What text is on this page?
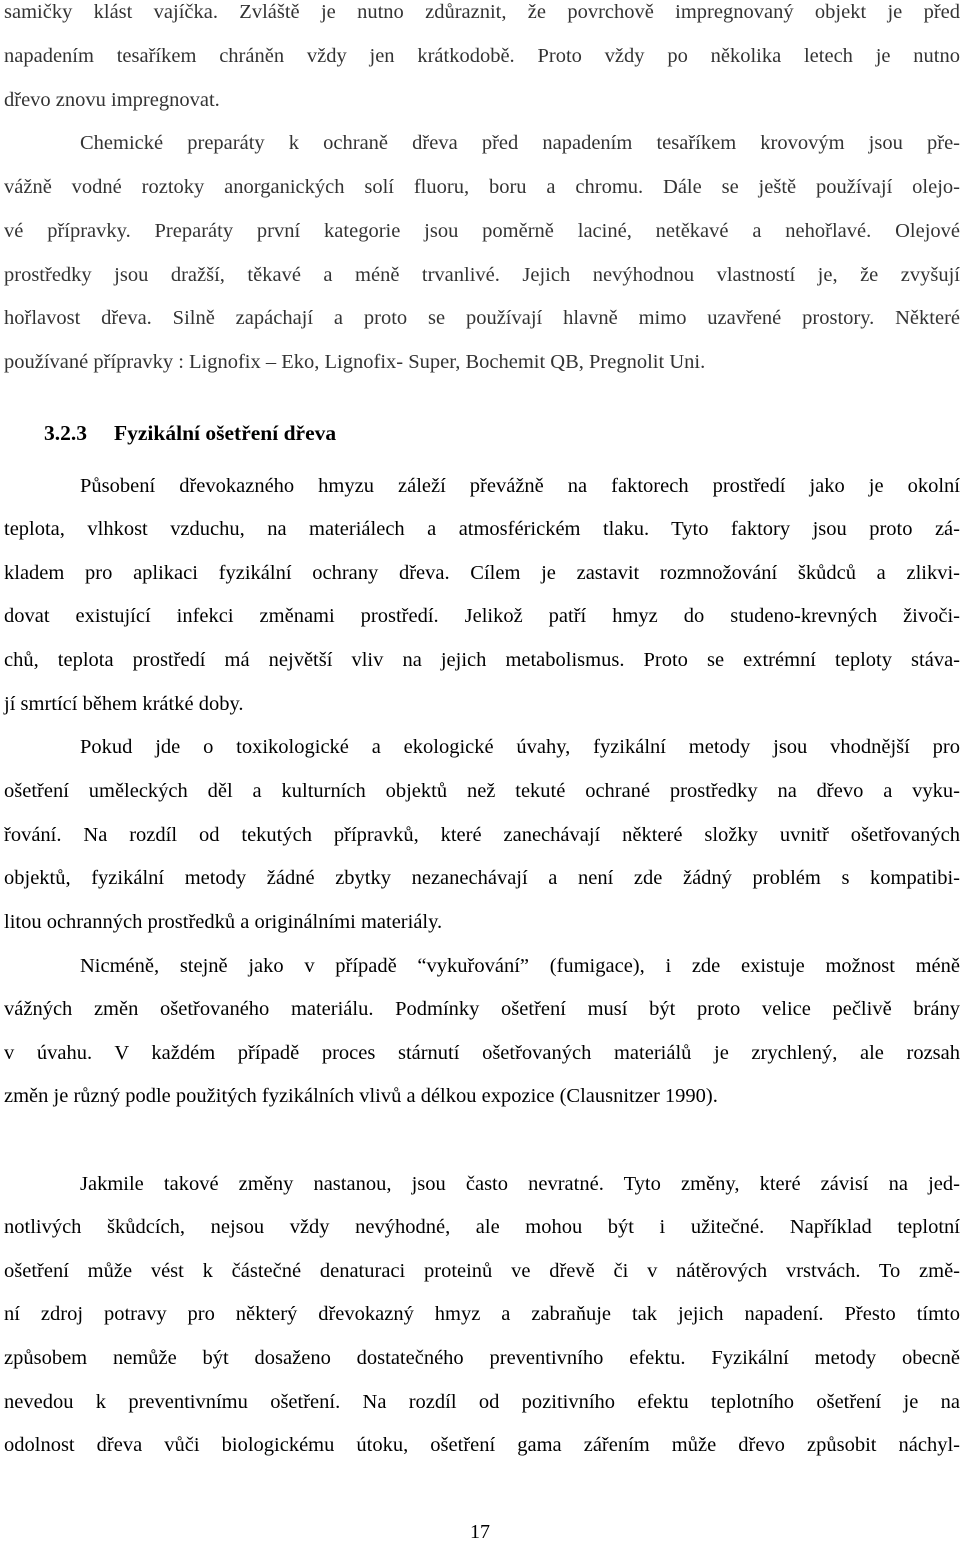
samičky klást vajíčka. Zvláště je nutno zdůraznit, že povrchově impregnovaný objekt je před
napadením tesaříkem chráněn vždy jen krátkodobě. Proto vždy po několika letech je nutno
dřevo znovu impregnovat.
Chemické preparáty k ochraně dřeva před napadením tesaříkem krovovým jsou pře-
vážně vodné roztoky anorganických solí fluoru, boru a chromu. Dále se ještě používají olejo-
vé přípravky. Preparáty první kategorie jsou poměrně laciné, netěkavé a nehořlavé. Olejové
prostředky jsou dražší, těkavé a méně trvanlivé. Jejich nevýhodnou vlastností je, že zvyšují
hořlavost dřeva. Silně zapáchají a proto se používají hlavně mimo uzavřené prostory. Některé
používané přípravky : Lignofix – Eko, Lignofix- Super, Bochemit QB, Pregnolit Uni.
3.2.3 Fyzikální ošetření dřeva
Působení dřevokazného hmyzu záleží převážně na faktorech prostředí jako je okolní
teplota, vlhkost vzduchu, na materiálech a atmosférickém tlaku. Tyto faktory jsou proto zá-
kladem pro aplikaci fyzikální ochrany dřeva. Cílem je zastavit rozmnožování škůdců a zlikvi-
dovat existující infekci změnami prostředí. Jelikož patří hmyz do studeno-krevných živoči-
chů, teplota prostředí má největší vliv na jejich metabolismus. Proto se extrémní teploty stáva-
jí smrtící během krátké doby.
Pokud jde o toxikologické a ekologické úvahy, fyzikální metody jsou vhodnější pro
ošetření uměleckých děl a kulturních objektů než tekuté ochrané prostředky na dřevo a vyku-
řování. Na rozdíl od tekutých přípravků, které zanechávají některé složky uvnitř ošetřovaných
objektů, fyzikální metody žádné zbytky nezanechávají a není zde žádný problém s kompatibi-
litou ochranných prostředků a originálními materiály.
Nicméně, stejně jako v případě “vykuřování” (fumigace), i zde existuje možnost méně
vážných změn ošetřovaného materiálu. Podmínky ošetření musí být proto velice pečlivě brány
v úvahu. V každém případě proces stárnutí ošetřovaných materiálů je zrychlený, ale rozsah
změn je různý podle použitých fyzikálních vlivů a délkou expozice (Clausnitzer 1990).
Jakmile takové změny nastanou, jsou často nevratné. Tyto změny, které závisí na jed-
notlivých škůdcích, nejsou vždy nevýhodné, ale mohou být i užitečné. Například teplotní
ošetření může vést k částečné denaturaci proteinů ve dřevě či v nátěrových vrstvách. To změ-
ní zdroj potravy pro některý dřevokazný hmyz a zabraňuje tak jejich napadení. Přesto tímto
způsobem nemůže být dosaženo dostatečného preventivního efektu. Fyzikální metody obecně
nevedou k preventivnímu ošetření. Na rozdíl od pozitivního efektu teplotního ošetření je na
odolnost dřeva vůči biologickému útoku, ošetření gama zářením může dřevo způsobit náchyl-
17
